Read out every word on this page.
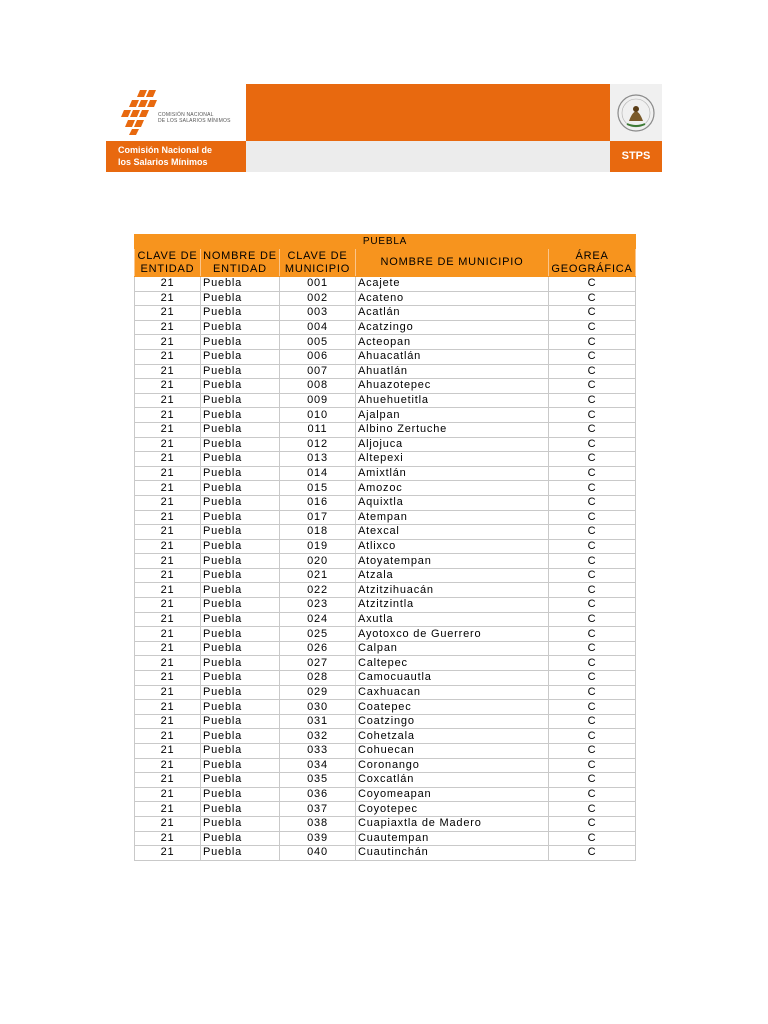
COMISIÓN NACIONAL
DE LOS SALARIOS MÍNIMOS
Comisión Nacional de
los Salarios Mínimos	STPS
PUEBLA				
CLAVE DE ENTIDAD	NOMBRE DE ENTIDAD	CLAVE DE MUNICIPIO	NOMBRE DE MUNICIPIO	ÁREA GEOGRÁFICA
21	Puebla	001	Acajete	C
21	Puebla	002	Acateno	C
21	Puebla	003	Acatlán	C
21	Puebla	004	Acatzingo	C
21	Puebla	005	Acteopan	C
21	Puebla	006	Ahuacatlán	C
21	Puebla	007	Ahuatlán	C
21	Puebla	008	Ahuazotepec	C
21	Puebla	009	Ahuehuetitla	C
21	Puebla	010	Ajalpan	C
21	Puebla	011	Albino Zertuche	C
21	Puebla	012	Aljojuca	C
21	Puebla	013	Altepexi	C
21	Puebla	014	Amixtlán	C
21	Puebla	015	Amozoc	C
21	Puebla	016	Aquixtla	C
21	Puebla	017	Atempan	C
21	Puebla	018	Atexcal	C
21	Puebla	019	Atlixco	C
21	Puebla	020	Atoyatempan	C
21	Puebla	021	Atzala	C
21	Puebla	022	Atzitzihuacán	C
21	Puebla	023	Atzitzintla	C
21	Puebla	024	Axutla	C
21	Puebla	025	Ayotoxco de Guerrero	C
21	Puebla	026	Calpan	C
21	Puebla	027	Caltepec	C
21	Puebla	028	Camocuautla	C
21	Puebla	029	Caxhuacan	C
21	Puebla	030	Coatepec	C
21	Puebla	031	Coatzingo	C
21	Puebla	032	Cohetzala	C
21	Puebla	033	Cohuecan	C
21	Puebla	034	Coronango	C
21	Puebla	035	Coxcatlán	C
21	Puebla	036	Coyomeapan	C
21	Puebla	037	Coyotepec	C
21	Puebla	038	Cuapiaxtla de Madero	C
21	Puebla	039	Cuautempan	C
21	Puebla	040	Cuautinchán	C
